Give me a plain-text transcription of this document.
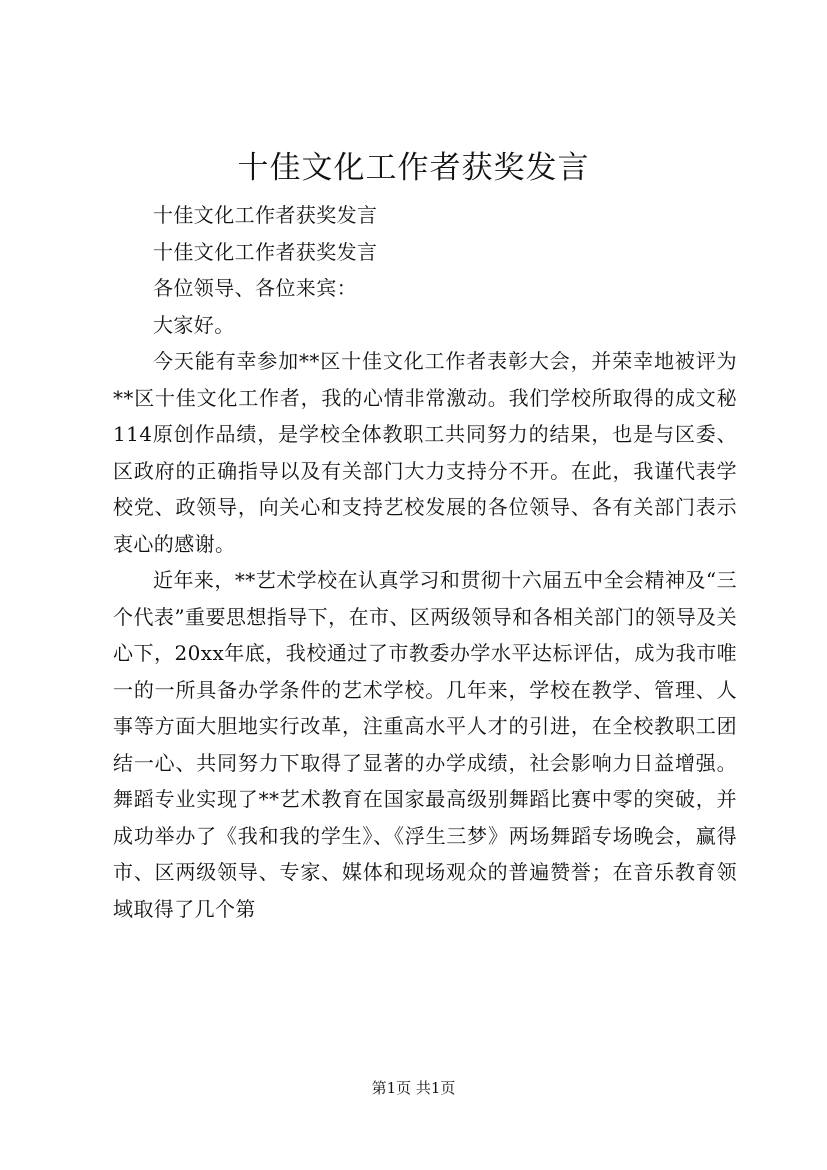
十佳文化工作者获奖发言

十佳文化工作者获奖发言

十佳文化工作者获奖发言

各位领导、各位来宾：

大家好。

今天能有幸参加**区十佳文化工作者表彰大会，并荣幸地被评为**区十佳文化工作者，我的心情非常激动。我们学校所取得的成文秘114原创作品绩，是学校全体教职工共同努力的结果，也是与区委、区政府的正确指导以及有关部门大力支持分不开。在此，我谨代表学校党、政领导，向关心和支持艺校发展的各位领导、各有关部门表示衷心的感谢。

近年来，**艺术学校在认真学习和贯彻十六届五中全会精神及“三个代表”重要思想指导下，在市、区两级领导和各相关部门的领导及关心下，20xx年底，我校通过了市教委办学水平达标评估，成为我市唯一的一所具备办学条件的艺术学校。几年来，学校在教学、管理、人事等方面大胆地实行改革，注重高水平人才的引进，在全校教职工团结一心、共同努力下取得了显著的办学成绩，社会影响力日益增强。舞蹈专业实现了**艺术教育在国家最高级别舞蹈比赛中零的突破，并成功举办了《我和我的学生》、《浮生三梦》两场舞蹈专场晚会，赢得市、区两级领导、专家、媒体和现场观众的普遍赞誉；在音乐教育领域取得了几个第

第1页 共1页
